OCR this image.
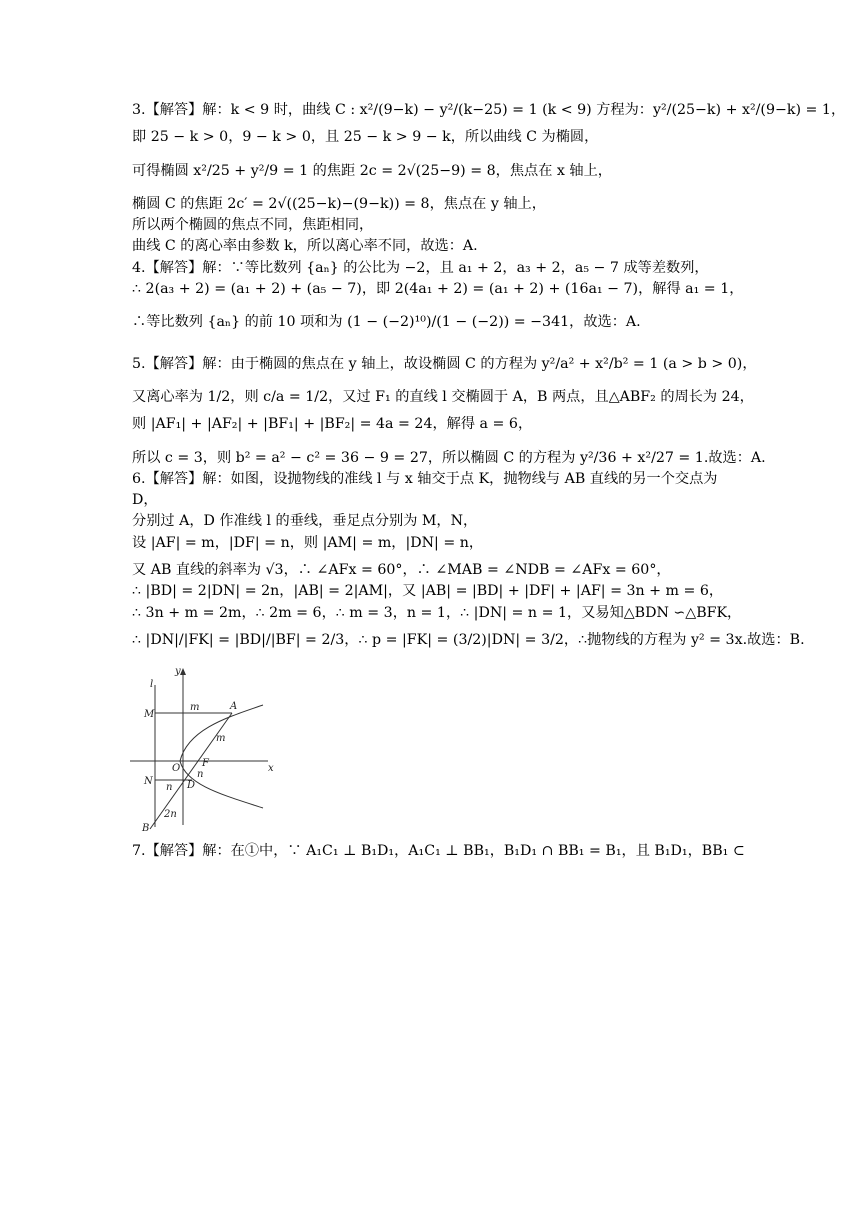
3.【解答】解：k < 9 时，曲线 C : x²/(9−k) − y²/(k−25) = 1 (k < 9) 方程为：y²/(25−k) + x²/(9−k) = 1，

即 25 − k > 0，9 − k > 0，且 25 − k > 9 − k，所以曲线 C 为椭圆，

可得椭圆 x²/25 + y²/9 = 1 的焦距 2c = 2√(25−9) = 8，焦点在 x 轴上，

椭圆 C 的焦距 2c′ = 2√((25−k)−(9−k)) = 8，焦点在 y 轴上，

所以两个椭圆的焦点不同，焦距相同，

曲线 C 的离心率由参数 k，所以离心率不同，故选：A.

4.【解答】解：∵等比数列 {aₙ} 的公比为 −2，且 a₁ + 2，a₃ + 2，a₅ − 7 成等差数列，

∴ 2(a₃ + 2) = (a₁ + 2) + (a₅ − 7)，即 2(4a₁ + 2) = (a₁ + 2) + (16a₁ − 7)，解得 a₁ = 1，

∴等比数列 {aₙ} 的前 10 项和为 (1 − (−2)¹⁰)/(1 − (−2)) = −341，故选：A.

5.【解答】解：由于椭圆的焦点在 y 轴上，故设椭圆 C 的方程为 y²/a² + x²/b² = 1 (a > b > 0)，

又离心率为 1/2，则 c/a = 1/2，又过 F₁ 的直线 l 交椭圆于 A，B 两点，且△ABF₂ 的周长为 24，

则 |AF₁| + |AF₂| + |BF₁| + |BF₂| = 4a = 24，解得 a = 6，

所以 c = 3，则 b² = a² − c² = 36 − 9 = 27，所以椭圆 C 的方程为 y²/36 + x²/27 = 1.故选：A.

6.【解答】解：如图，设抛物线的准线 l 与 x 轴交于点 K，抛物线与 AB 直线的另一个交点为 D，

分别过 A，D 作准线 l 的垂线，垂足点分别为 M，N，

设 |AF| = m，|DF| = n，则 |AM| = m，|DN| = n，

又 AB 直线的斜率为 √3，∴ ∠AFx = 60°，∴ ∠MAB = ∠NDB = ∠AFx = 60°，

∴ |BD| = 2|DN| = 2n，|AB| = 2|AM|，又 |AB| = |BD| + |DF| + |AF| = 3n + m = 6，

∴ 3n + m = 2m，∴ 2m = 6，∴ m = 3，n = 1，∴ |DN| = n = 1，又易知△BDN ∽△BFK，

∴ |DN|/|FK| = |BD|/|BF| = 2/3，∴ p = |FK| = (3/2)|DN| = 3/2，∴抛物线的方程为 y² = 3x.故选：B.

y
l
M
m	A
m
O F	x
N
n D
n
B
2n

7.【解答】解：在①中，∵ A₁C₁ ⊥ B₁D₁，A₁C₁ ⊥ BB₁，B₁D₁ ∩ BB₁ = B₁，且 B₁D₁，BB₁ ⊂
